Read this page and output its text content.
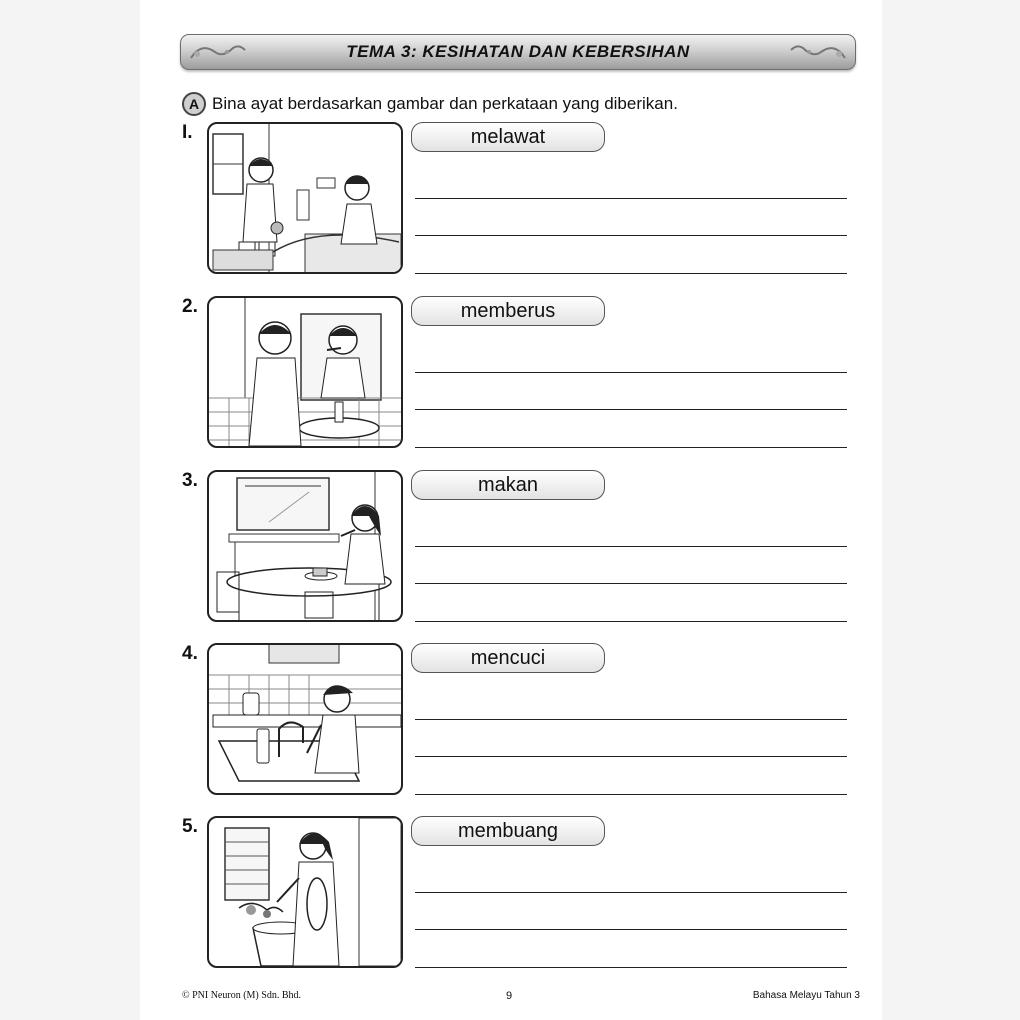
TEMA 3: KESIHATAN DAN KEBERSIHAN
A Bina ayat berdasarkan gambar dan perkataan yang diberikan.
I.	melawat
2.	memberus
3.	makan
4.	mencuci
5.	membuang
© PNI Neuron (M) Sdn. Bhd.	9	Bahasa Melayu Tahun 3
